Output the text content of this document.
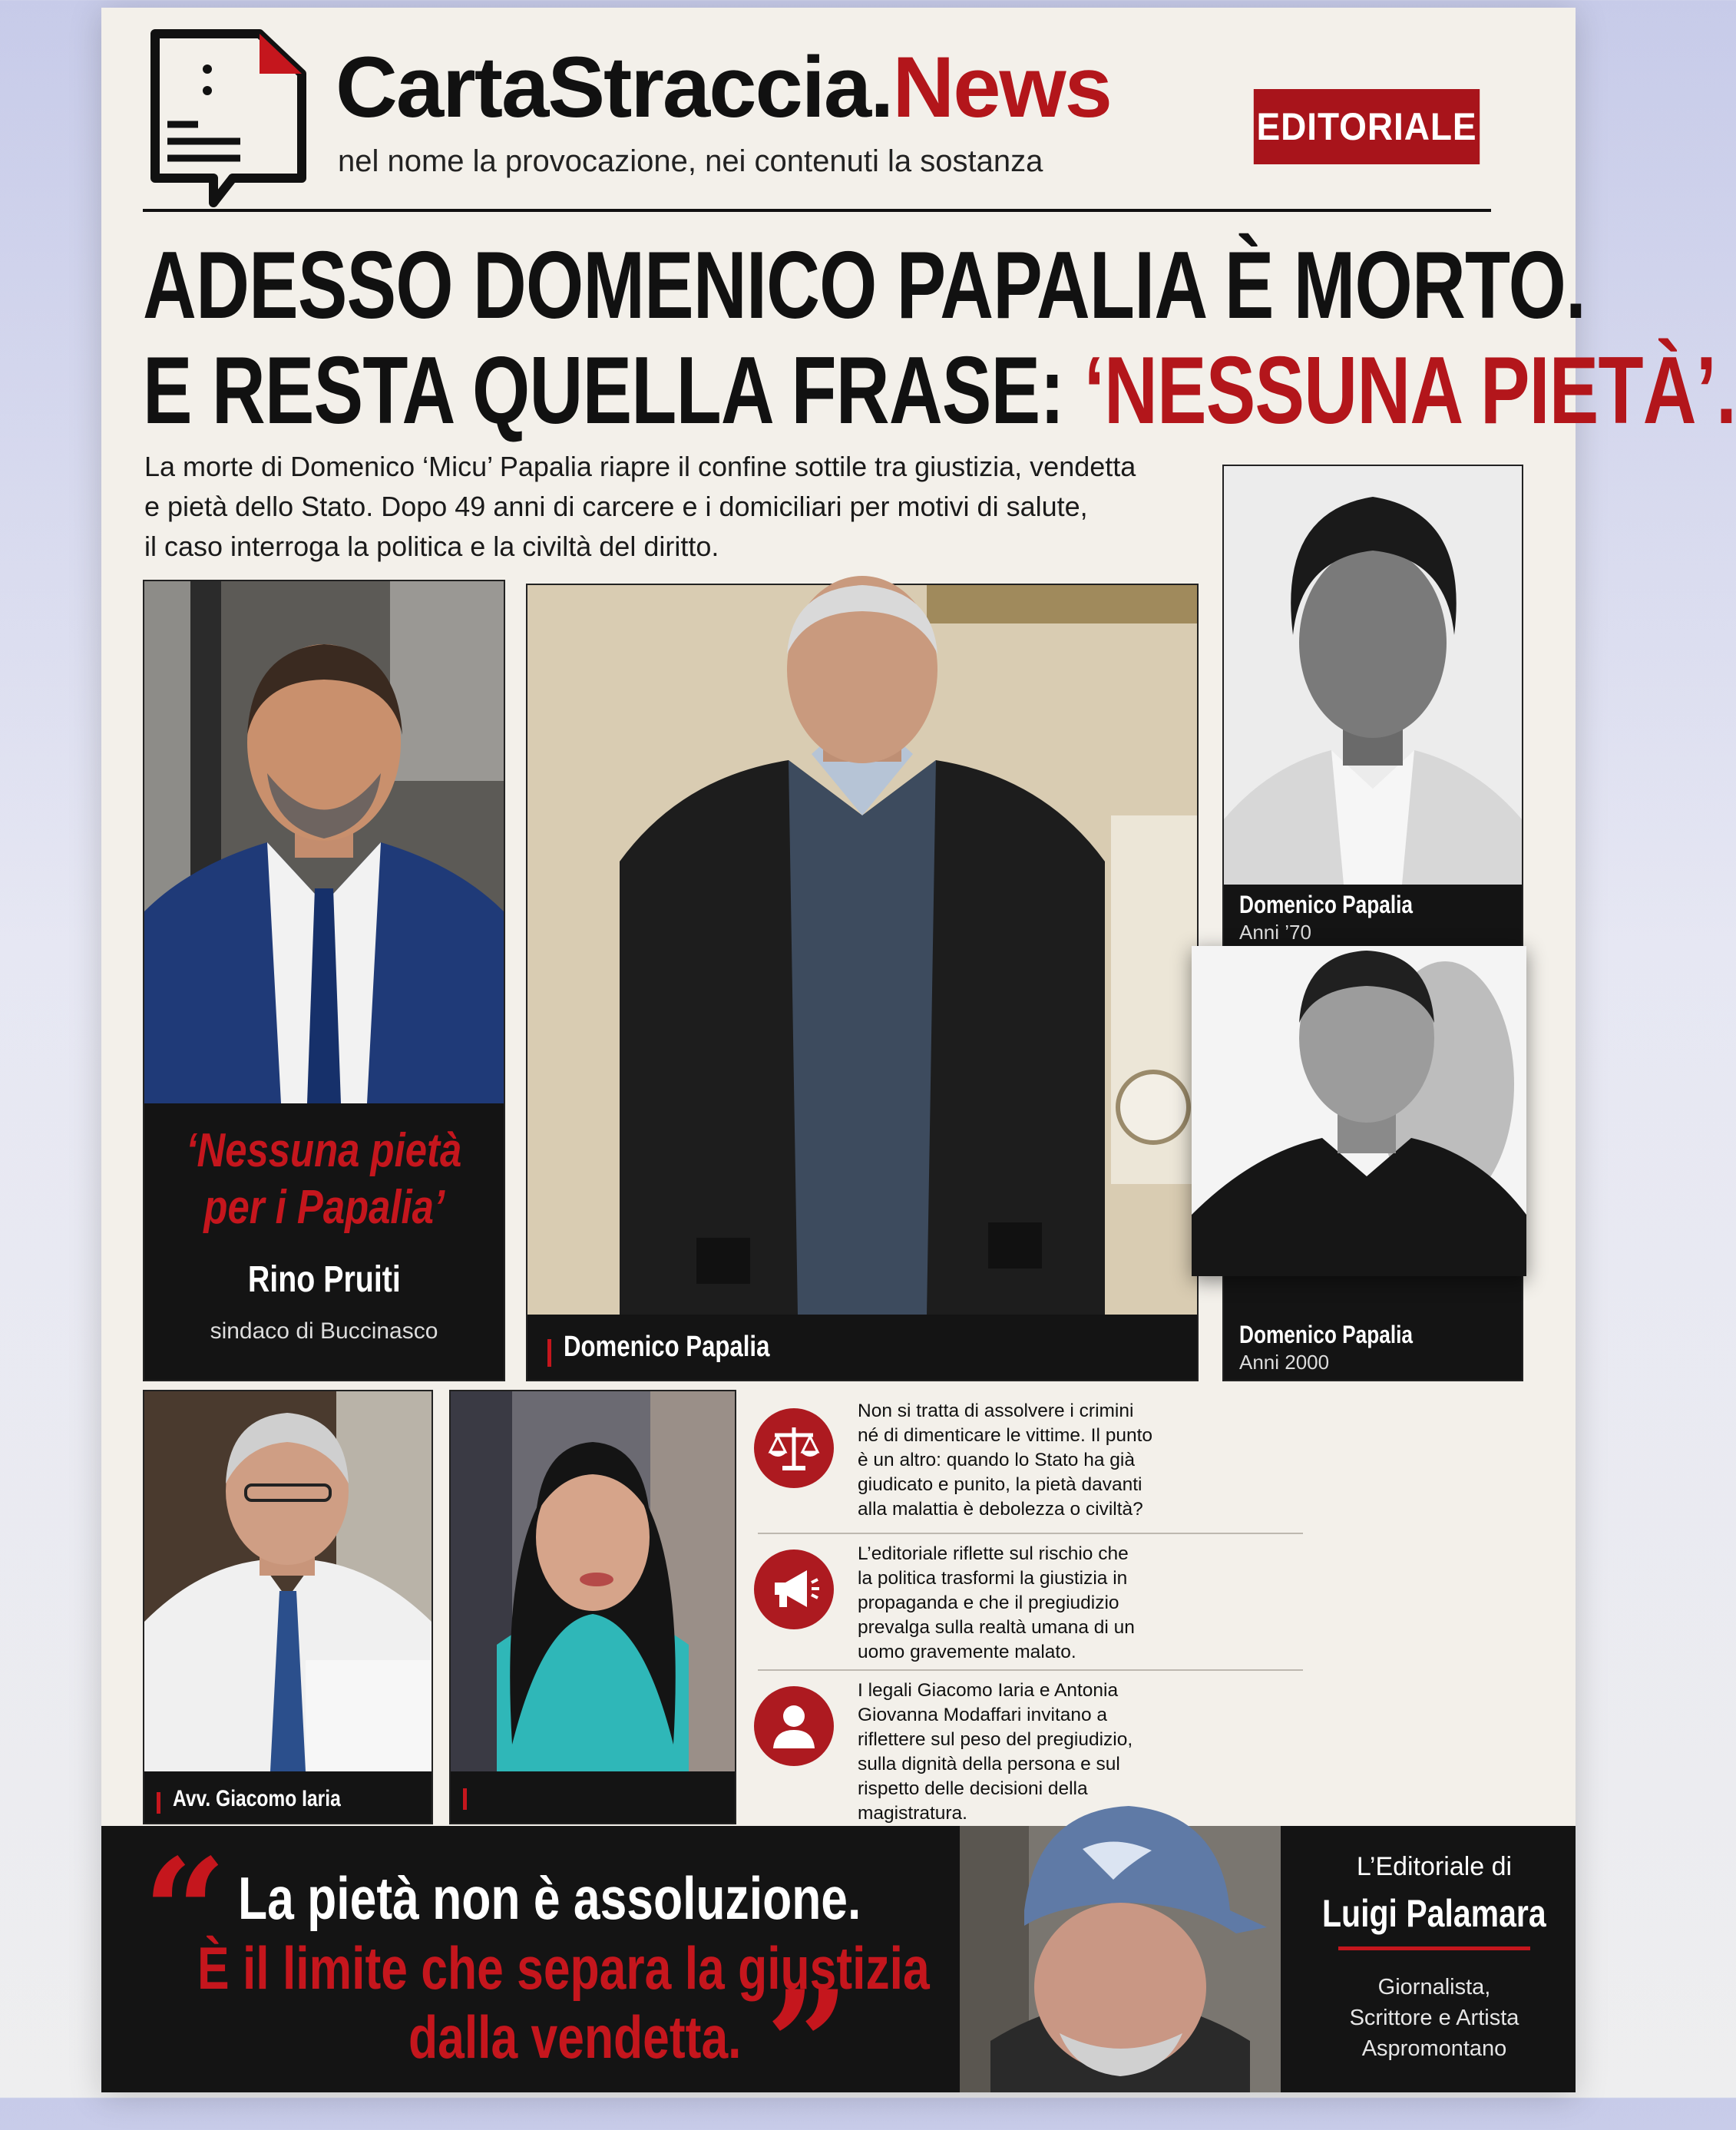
CartaStraccia.News
nel nome la provocazione, nei contenuti la sostanza
EDITORIALE
ADESSO DOMENICO PAPALIA È MORTO.
E RESTA QUELLA FRASE: ‘NESSUNA PIETÀ’.
La morte di Domenico ‘Micu’ Papalia riapre il confine sottile tra giustizia, vendetta
e pietà dello Stato. Dopo 49 anni di carcere e i domiciliari per motivi di salute,
il caso interroga la politica e la civiltà del diritto.
‘Nessuna pietà
per i Papalia’
Rino Pruiti
sindaco di Buccinasco	Domenico Papalia
Domenico Papalia
Anni ’70
Domenico Papalia
Anni 2000
Avv. Giacomo Iaria
Non si tratta di assolvere i crimini
né di dimenticare le vittime. Il punto
è un altro: quando lo Stato ha già
giudicato e punito, la pietà davanti
alla malattia è debolezza o civiltà?
L’editoriale riflette sul rischio che
la politica trasformi la giustizia in
propaganda e che il pregiudizio
prevalga sulla realtà umana di un
uomo gravemente malato.
I legali Giacomo Iaria e Antonia
Giovanna Modaffari invitano a
riflettere sul peso del pregiudizio,
sulla dignità della persona e sul
rispetto delle decisioni della
magistratura.
“ La pietà non è assoluzione.
È il limite che separa la giustizia
dalla vendetta. ”
L’Editoriale di
Luigi Palamara
Giornalista,
Scrittore e Artista
Aspromontano
